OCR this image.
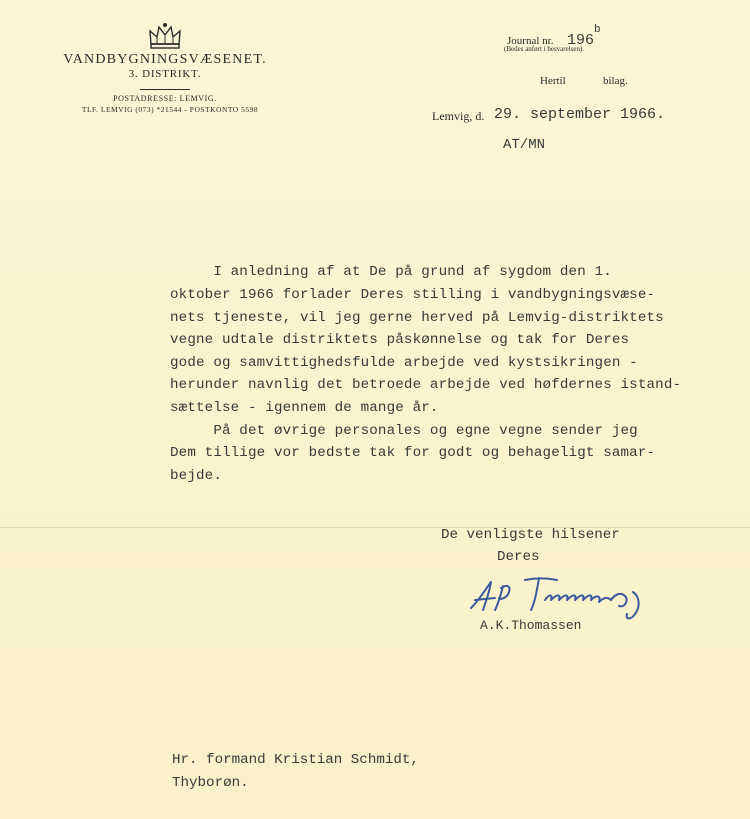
VANDBYGNINGSVÆSENET.
3. DISTRIKT.
POSTADRESSE: LEMVIG.
TLF. LEMVIG (073) *21544 - POSTKONTO 5598
Journal nr. 196
b
(Bedes anført i besvarelsen).
Hertil	bilag.
Lemvig, d. 29. september 1966.
AT/MN
I anledning af at De på grund af sygdom den 1.
oktober 1966 forlader Deres stilling i vandbygningsvæse-
nets tjeneste, vil jeg gerne herved på Lemvig-distriktets
vegne udtale distriktets påskønnelse og tak for Deres
gode og samvittighedsfulde arbejde ved kystsikringen -
herunder navnlig det betroede arbejde ved høfdernes istand-
sættelse - igennem de mange år.
På det øvrige personales og egne vegne sender jeg
Dem tillige vor bedste tak for godt og behageligt samar-
bejde.
De venligste hilsener
Deres
A.K.Thomassen
Hr. formand Kristian Schmidt,
Thyborøn.
